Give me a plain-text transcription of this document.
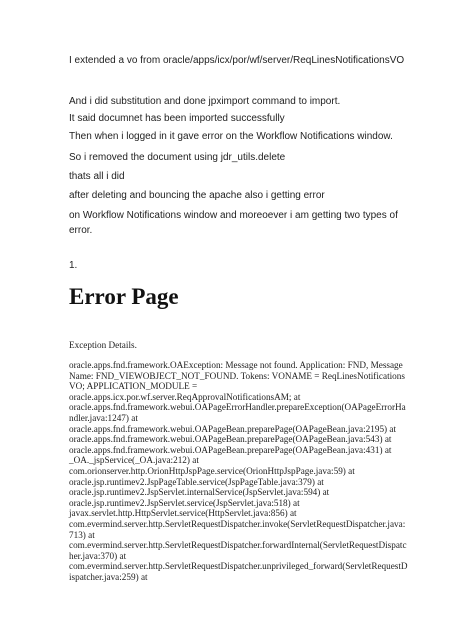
I extended a vo from oracle/apps/icx/por/wf/server/ReqLinesNotificationsVO
And i did substitution and done jpximport command to import.
It said documnet has been imported successfully
Then when i logged in it gave error on the Workflow Notifications window.
So i removed the document using jdr_utils.delete
thats all i did
after deleting and bouncing the apache also i getting error
on Workflow Notifications window and moreoever i am getting two types of error.
1.
Error Page
Exception Details.
oracle.apps.fnd.framework.OAException: Message not found. Application: FND, Message Name: FND_VIEWOBJECT_NOT_FOUND. Tokens: VONAME = ReqLinesNotificationsVO; APPLICATION_MODULE =
oracle.apps.icx.por.wf.server.ReqApprovalNotificationsAM; at
oracle.apps.fnd.framework.webui.OAPageErrorHandler.prepareException(OAPageErrorHandler.java:1247) at
oracle.apps.fnd.framework.webui.OAPageBean.preparePage(OAPageBean.java:2195) at
oracle.apps.fnd.framework.webui.OAPageBean.preparePage(OAPageBean.java:543) at
oracle.apps.fnd.framework.webui.OAPageBean.preparePage(OAPageBean.java:431) at
_OA._jspService(_OA.java:212) at
com.orionserver.http.OrionHttpJspPage.service(OrionHttpJspPage.java:59) at
oracle.jsp.runtimev2.JspPageTable.service(JspPageTable.java:379) at
oracle.jsp.runtimev2.JspServlet.internalService(JspServlet.java:594) at
oracle.jsp.runtimev2.JspServlet.service(JspServlet.java:518) at
javax.servlet.http.HttpServlet.service(HttpServlet.java:856) at
com.evermind.server.http.ServletRequestDispatcher.invoke(ServletRequestDispatcher.java:713) at
com.evermind.server.http.ServletRequestDispatcher.forwardInternal(ServletRequestDispatcher.java:370) at
com.evermind.server.http.ServletRequestDispatcher.unprivileged_forward(ServletRequestDispatcher.java:259) at
